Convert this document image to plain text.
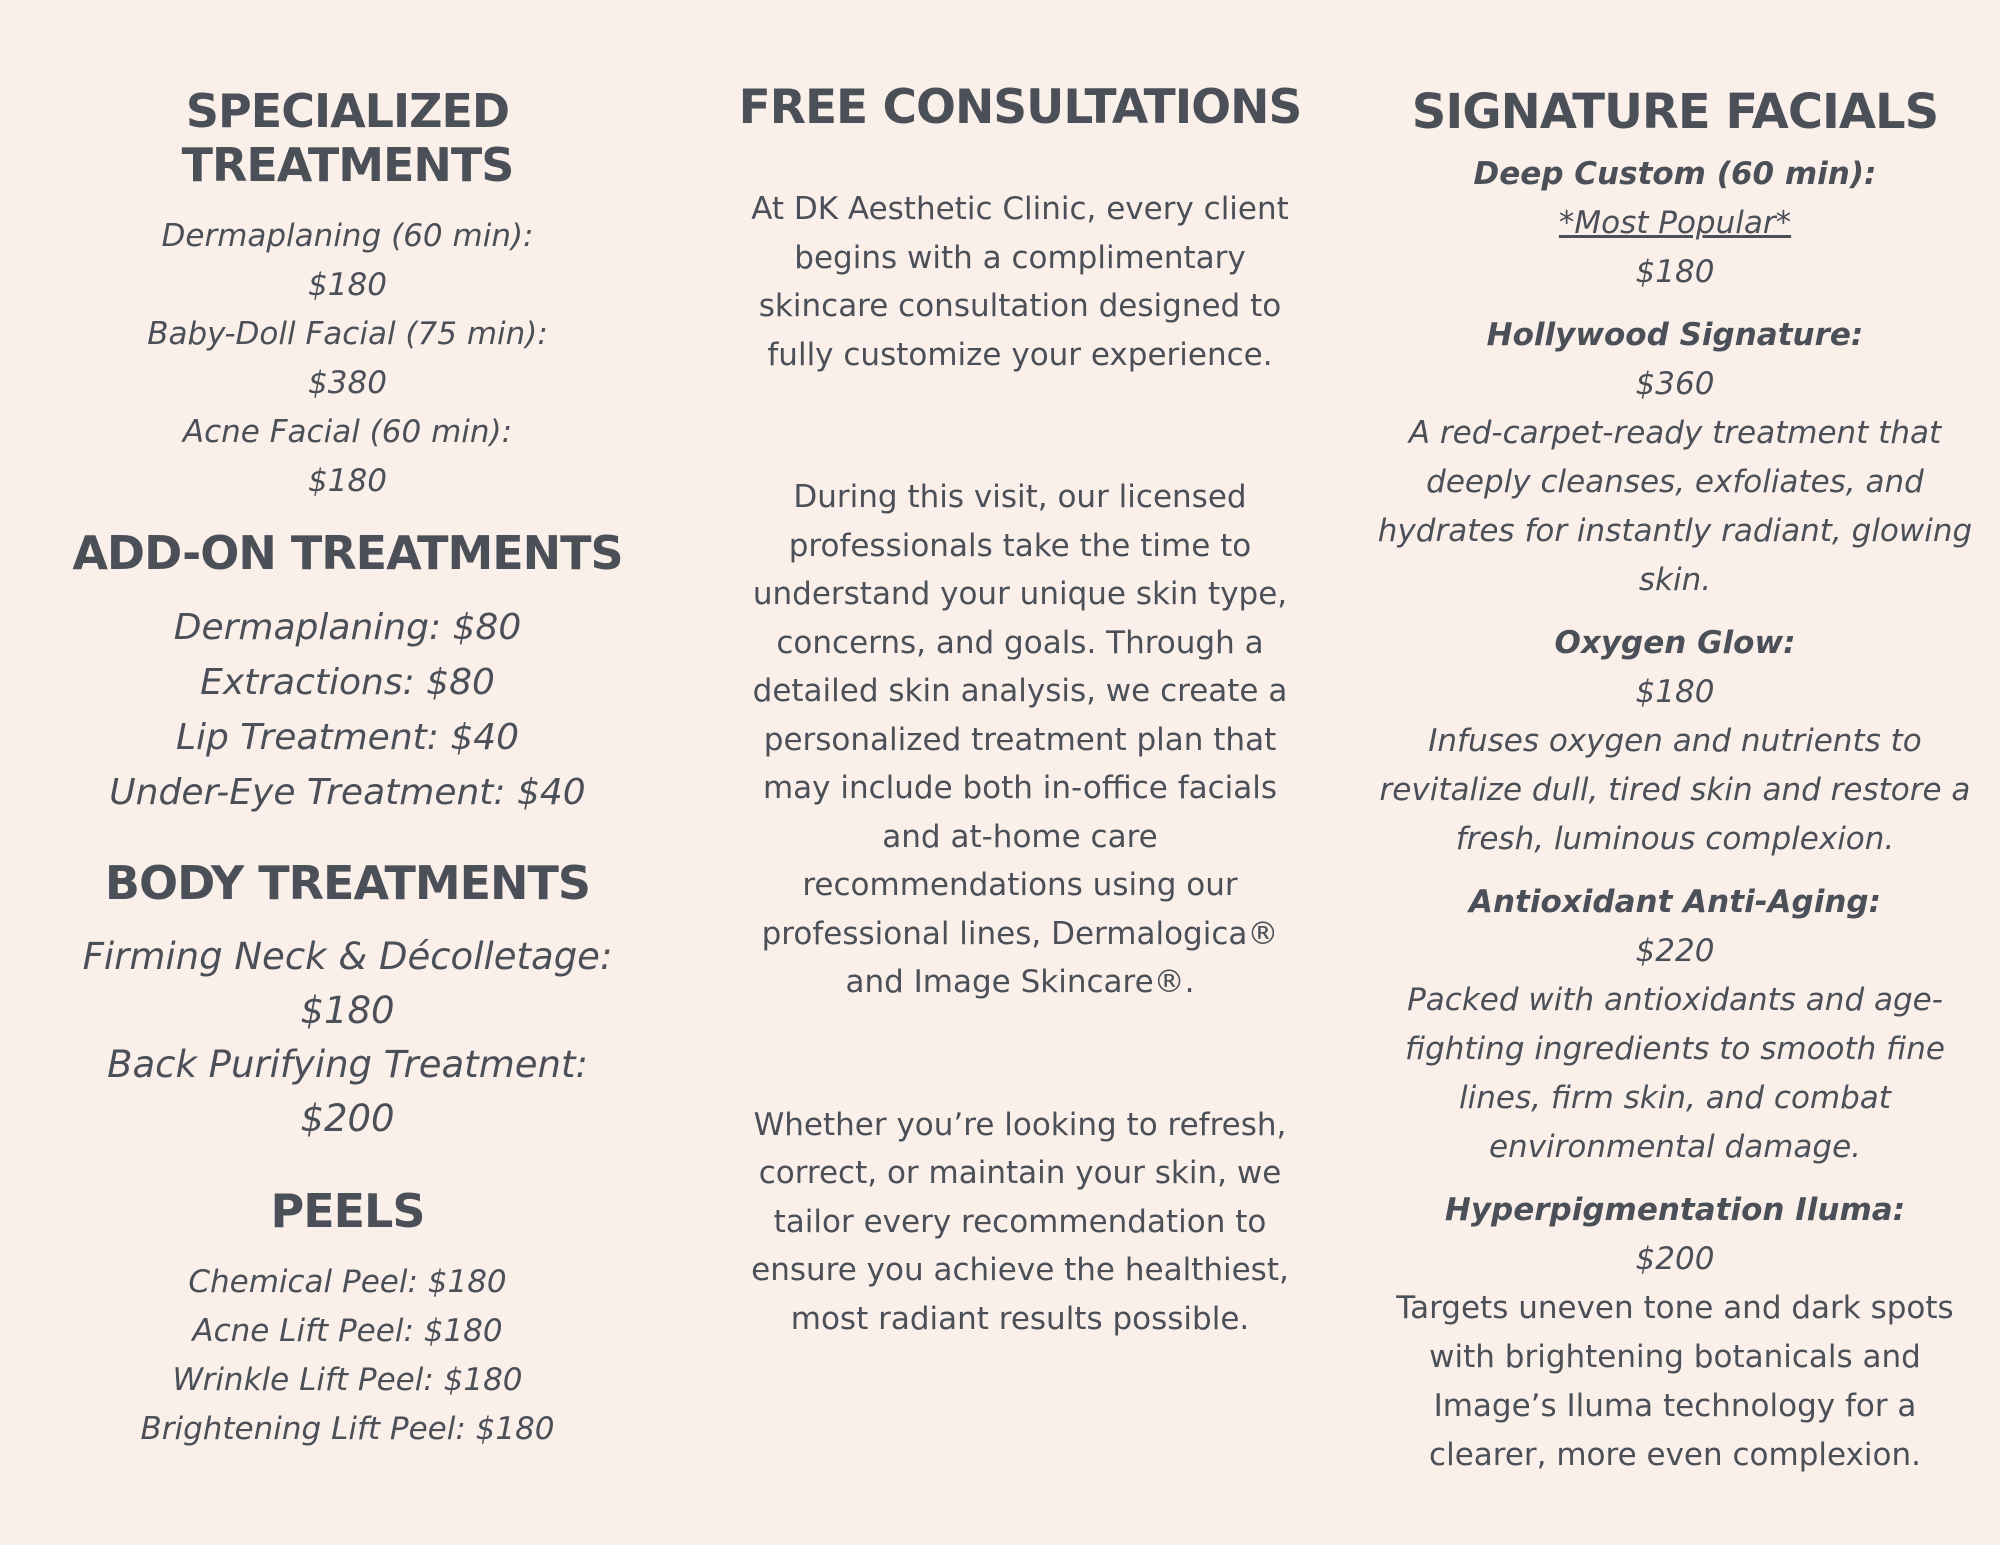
SPECIALIZED TREATMENTS
Dermaplaning (60 min):
$180
Baby-Doll Facial (75 min):
$380
Acne Facial (60 min):
$180
ADD-ON TREATMENTS
Dermaplaning: $80
Extractions: $80
Lip Treatment: $40
Under-Eye Treatment: $40
BODY TREATMENTS
Firming Neck & Décolletage:
$180
Back Purifying Treatment:
$200
PEELS
Chemical Peel: $180
Acne Lift Peel: $180
Wrinkle Lift Peel: $180
Brightening Lift Peel: $180
FREE CONSULTATIONS

At DK Aesthetic Clinic, every client
begins with a complimentary
skincare consultation designed to
fully customize your experience.

During this visit, our licensed
professionals take the time to
understand your unique skin type,
concerns, and goals. Through a
detailed skin analysis, we create a
personalized treatment plan that
may include both in-office facials
and at-home care
recommendations using our
professional lines, Dermalogica®
and Image Skincare®.

Whether you’re looking to refresh,
correct, or maintain your skin, we
tailor every recommendation to
ensure you achieve the healthiest,
most radiant results possible.

SIGNATURE FACIALS
Deep Custom (60 min):
*Most Popular*
$180
Hollywood Signature:
$360
A red-carpet-ready treatment that
deeply cleanses, exfoliates, and
hydrates for instantly radiant, glowing
skin.
Oxygen Glow:
$180
Infuses oxygen and nutrients to
revitalize dull, tired skin and restore a
fresh, luminous complexion.
Antioxidant Anti-Aging:
$220
Packed with antioxidants and age-
fighting ingredients to smooth fine
lines, firm skin, and combat
environmental damage.
Hyperpigmentation Iluma:
$200
Targets uneven tone and dark spots
with brightening botanicals and
Image’s Iluma technology for a
clearer, more even complexion.
